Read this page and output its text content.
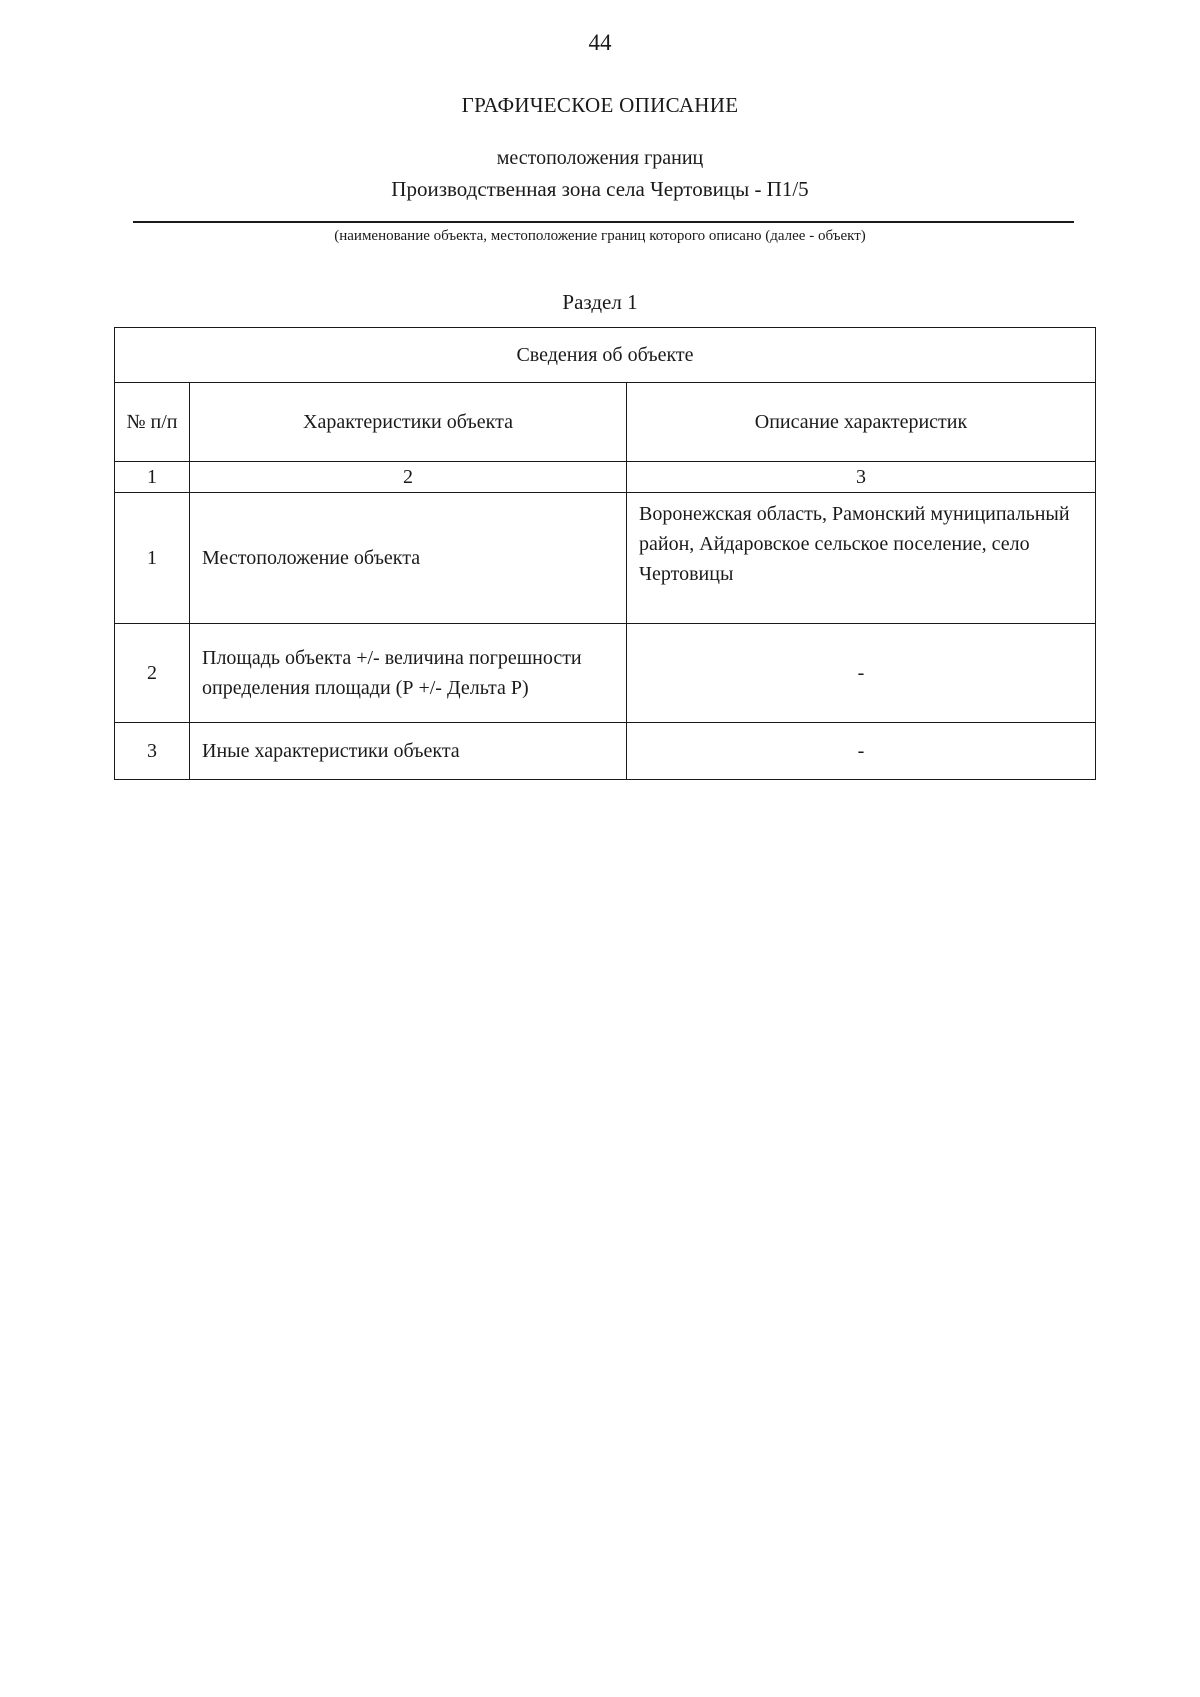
44
ГРАФИЧЕСКОЕ ОПИСАНИЕ
местоположения границ
Производственная зона села Чертовицы - П1/5
(наименование объекта, местоположение границ которого описано (далее - объект)
Раздел 1
Сведения об объекте		
№ п/п	Характеристики объекта	Описание характеристик
1	2	3
1	Местоположение объекта	Воронежская область, Рамонский муниципальный район, Айдаровское сельское поселение, село Чертовицы
2	Площадь объекта +/- величина погрешности определения площади (Р +/- Дельта Р)	-
3	Иные характеристики объекта	-
